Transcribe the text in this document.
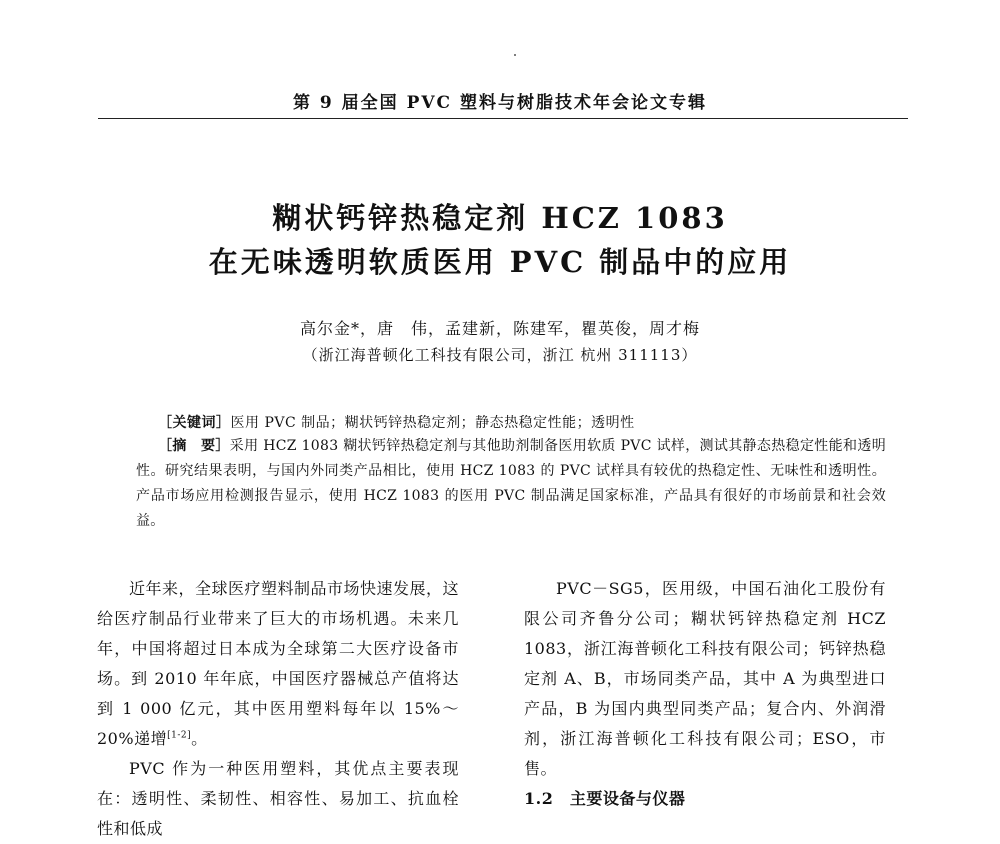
第 9 届全国 PVC 塑料与树脂技术年会论文专辑
糊状钙锌热稳定剂 HCZ 1083
在无味透明软质医用 PVC 制品中的应用
高尔金*，唐　伟，孟建新，陈建军，瞿英俊，周才梅
（浙江海普顿化工科技有限公司，浙江 杭州 311113）
［关键词］医用 PVC 制品；糊状钙锌热稳定剂；静态热稳定性能；透明性
［摘　要］采用 HCZ 1083 糊状钙锌热稳定剂与其他助剂制备医用软质 PVC 试样，测试其静态热稳定性能和透明性。研究结果表明，与国内外同类产品相比，使用 HCZ 1083 的 PVC 试样具有较优的热稳定性、无味性和透明性。产品市场应用检测报告显示，使用 HCZ 1083 的医用 PVC 制品满足国家标准，产品具有很好的市场前景和社会效益。

近年来，全球医疗塑料制品市场快速发展，这给医疗制品行业带来了巨大的市场机遇。未来几年，中国将超过日本成为全球第二大医疗设备市场。到 2010 年年底，中国医疗器械总产值将达到 1 000 亿元，其中医用塑料每年以 15%～20%递增[1-2]。

PVC 作为一种医用塑料，其优点主要表现在：透明性、柔韧性、相容性、易加工、抗血栓性和低成

PVC－SG5，医用级，中国石油化工股份有限公司齐鲁分公司；糊状钙锌热稳定剂 HCZ 1083，浙江海普顿化工科技有限公司；钙锌热稳定剂 A、B，市场同类产品，其中 A 为典型进口产品，B 为国内典型同类产品；复合内、外润滑剂，浙江海普顿化工科技有限公司；ESO，市售。

1.2　主要设备与仪器
